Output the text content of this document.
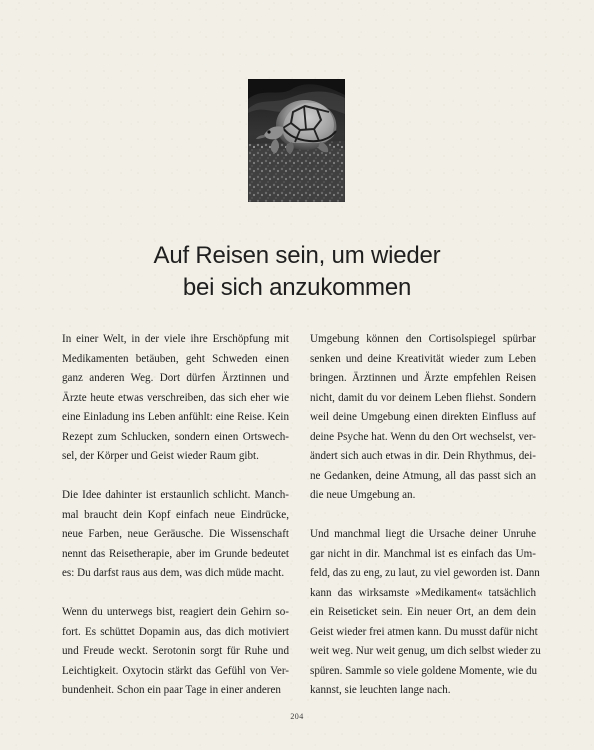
Auf Reisen sein, um wieder
bei sich anzukommen
In einer Welt, in der viele ihre Erschöpfung mit
Medikamenten betäuben, geht Schweden einen
ganz anderen Weg. Dort dürfen Ärztinnen und
Ärzte heute etwas verschreiben, das sich eher wie
eine Einladung ins Leben anfühlt: eine Reise. Kein
Rezept zum Schlucken, sondern einen Ortswech-
sel, der Körper und Geist wieder Raum gibt.
Die Idee dahinter ist erstaunlich schlicht. Manch-
mal braucht dein Kopf einfach neue Eindrücke,
neue Farben, neue Geräusche. Die Wissenschaft
nennt das Reisetherapie, aber im Grunde bedeutet
es: Du darfst raus aus dem, was dich müde macht.
Wenn du unterwegs bist, reagiert dein Gehirn so-
fort. Es schüttet Dopamin aus, das dich motiviert
und Freude weckt. Serotonin sorgt für Ruhe und
Leichtigkeit. Oxytocin stärkt das Gefühl von Ver-
bundenheit. Schon ein paar Tage in einer anderen
Umgebung können den Cortisolspiegel spürbar
senken und deine Kreativität wieder zum Leben
bringen. Ärztinnen und Ärzte empfehlen Reisen
nicht, damit du vor deinem Leben fliehst. Sondern
weil deine Umgebung einen direkten Einfluss auf
deine Psyche hat. Wenn du den Ort wechselst, ver-
ändert sich auch etwas in dir. Dein Rhythmus, dei-
ne Gedanken, deine Atmung, all das passt sich an
die neue Umgebung an.
Und manchmal liegt die Ursache deiner Unruhe
gar nicht in dir. Manchmal ist es einfach das Um-
feld, das zu eng, zu laut, zu viel geworden ist. Dann
kann das wirksamste »Medikament« tatsächlich
ein Reiseticket sein. Ein neuer Ort, an dem dein
Geist wieder frei atmen kann. Du musst dafür nicht
weit weg. Nur weit genug, um dich selbst wieder zu
spüren. Sammle so viele goldene Momente, wie du
kannst, sie leuchten lange nach.
204
